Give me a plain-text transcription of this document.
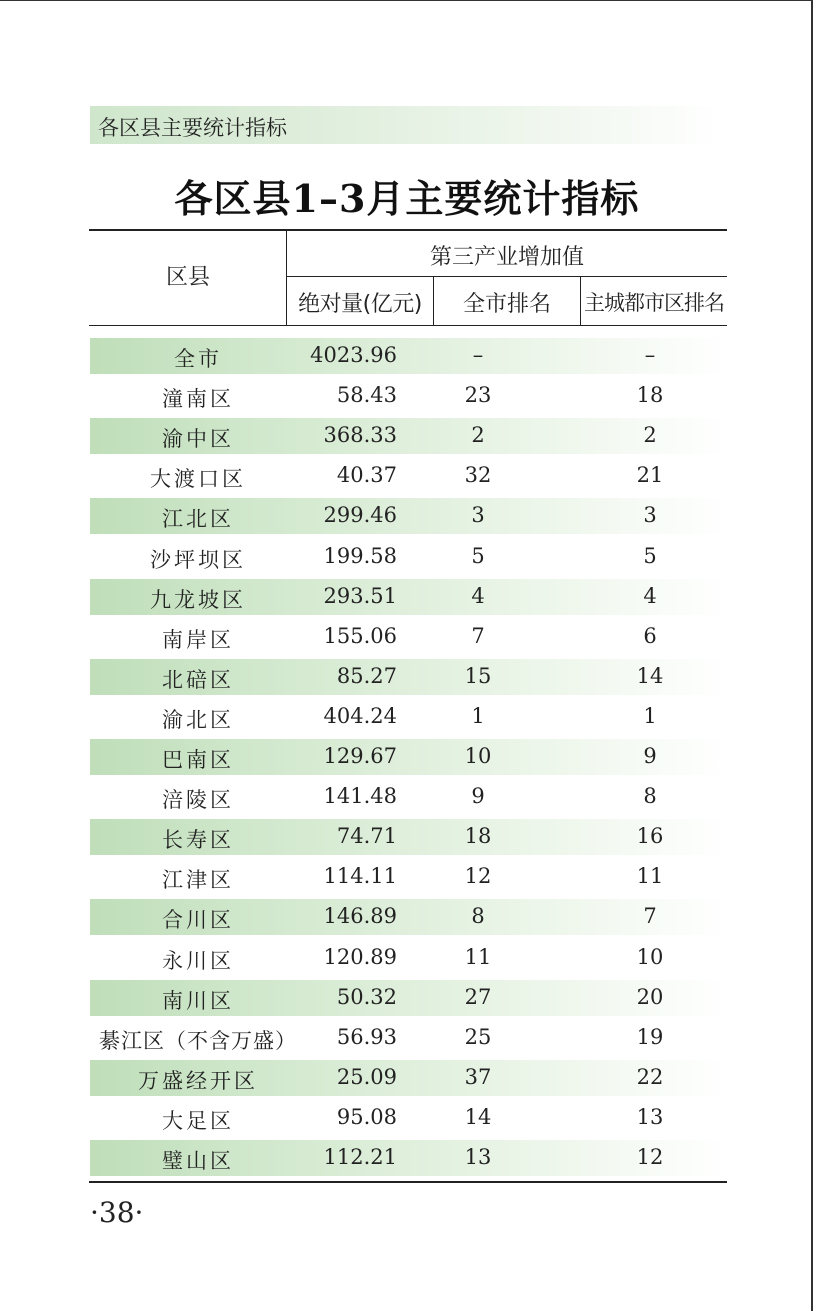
各区县主要统计指标
各区县1–3月主要统计指标
区县
第三产业增加值
绝对量(亿元)	全市排名	主城都市区排名
全市	4023.96	–	–
潼南区	58.43	23	18
渝中区	368.33	2	2
大渡口区	40.37	32	21
江北区	299.46	3	3
沙坪坝区	199.58	5	5
九龙坡区	293.51	4	4
南岸区	155.06	7	6
北碚区	85.27	15	14
渝北区	404.24	1	1
巴南区	129.67	10	9
涪陵区	141.48	9	8
长寿区	74.71	18	16
江津区	114.11	12	11
合川区	146.89	8	7
永川区	120.89	11	10
南川区	50.32	27	20
綦江区（不含万盛）	56.93	25	19
万盛经开区	25.09	37	22
大足区	95.08	14	13
璧山区	112.21	13	12
·38·
